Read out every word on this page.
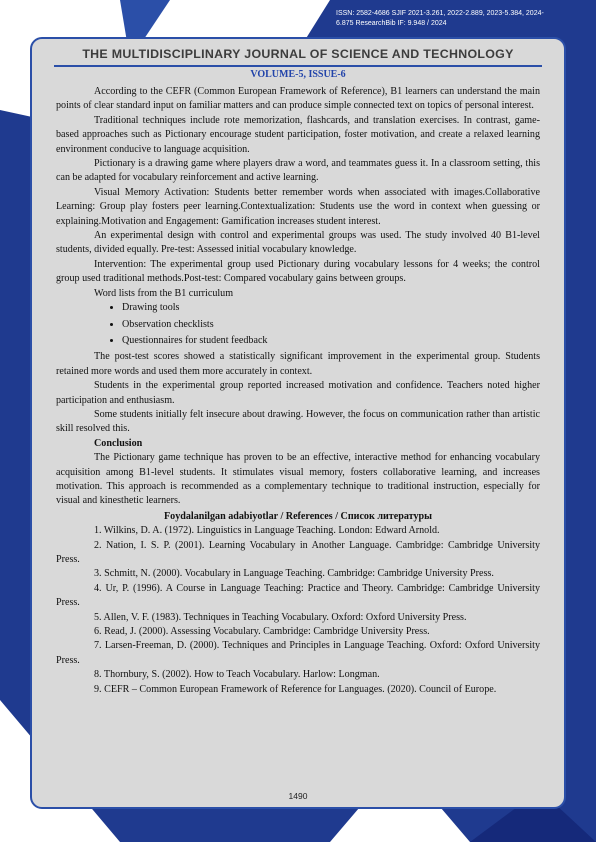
ISSN: 2582-4686 SJIF 2021-3.261, 2022-2.889, 2023-5.384, 2024-6.875 ResearchBib IF: 9.948 / 2024
THE MULTIDISCIPLINARY JOURNAL OF SCIENCE AND TECHNOLOGY
VOLUME-5, ISSUE-6

According to the CEFR (Common European Framework of Reference), B1 learners can understand the main points of clear standard input on familiar matters and can produce simple connected text on topics of personal interest.

Traditional techniques include rote memorization, flashcards, and translation exercises. In contrast, game-based approaches such as Pictionary encourage student participation, foster motivation, and create a relaxed learning environment conducive to language acquisition.

Pictionary is a drawing game where players draw a word, and teammates guess it. In a classroom setting, this can be adapted for vocabulary reinforcement and active learning.

Visual Memory Activation: Students better remember words when associated with images.Collaborative Learning: Group play fosters peer learning.Contextualization: Students use the word in context when guessing or explaining.Motivation and Engagement: Gamification increases student interest.

An experimental design with control and experimental groups was used. The study involved 40 B1-level students, divided equally. Pre-test: Assessed initial vocabulary knowledge.

Intervention: The experimental group used Pictionary during vocabulary lessons for 4 weeks; the control group used traditional methods.Post-test: Compared vocabulary gains between groups.

Word lists from the B1 curriculum

• Drawing tools
• Observation checklists
• Questionnaires for student feedback

The post-test scores showed a statistically significant improvement in the experimental group. Students retained more words and used them more accurately in context.

Students in the experimental group reported increased motivation and confidence. Teachers noted higher participation and enthusiasm.

Some students initially felt insecure about drawing. However, the focus on communication rather than artistic skill resolved this.

Conclusion

The Pictionary game technique has proven to be an effective, interactive method for enhancing vocabulary acquisition among B1-level students. It stimulates visual memory, fosters collaborative learning, and increases motivation. This approach is recommended as a complementary technique to traditional instruction, especially for visual and kinesthetic learners.

Foydalanilgan adabiyotlar / References / Список литературы

1. Wilkins, D. A. (1972). Linguistics in Language Teaching. London: Edward Arnold.

2. Nation, I. S. P. (2001). Learning Vocabulary in Another Language. Cambridge: Cambridge University Press.

3. Schmitt, N. (2000). Vocabulary in Language Teaching. Cambridge: Cambridge University Press.

4. Ur, P. (1996). A Course in Language Teaching: Practice and Theory. Cambridge: Cambridge University Press.

5. Allen, V. F. (1983). Techniques in Teaching Vocabulary. Oxford: Oxford University Press.

6. Read, J. (2000). Assessing Vocabulary. Cambridge: Cambridge University Press.

7. Larsen-Freeman, D. (2000). Techniques and Principles in Language Teaching. Oxford: Oxford University Press.

8. Thornbury, S. (2002). How to Teach Vocabulary. Harlow: Longman.

9. CEFR – Common European Framework of Reference for Languages. (2020). Council of Europe.

1490
